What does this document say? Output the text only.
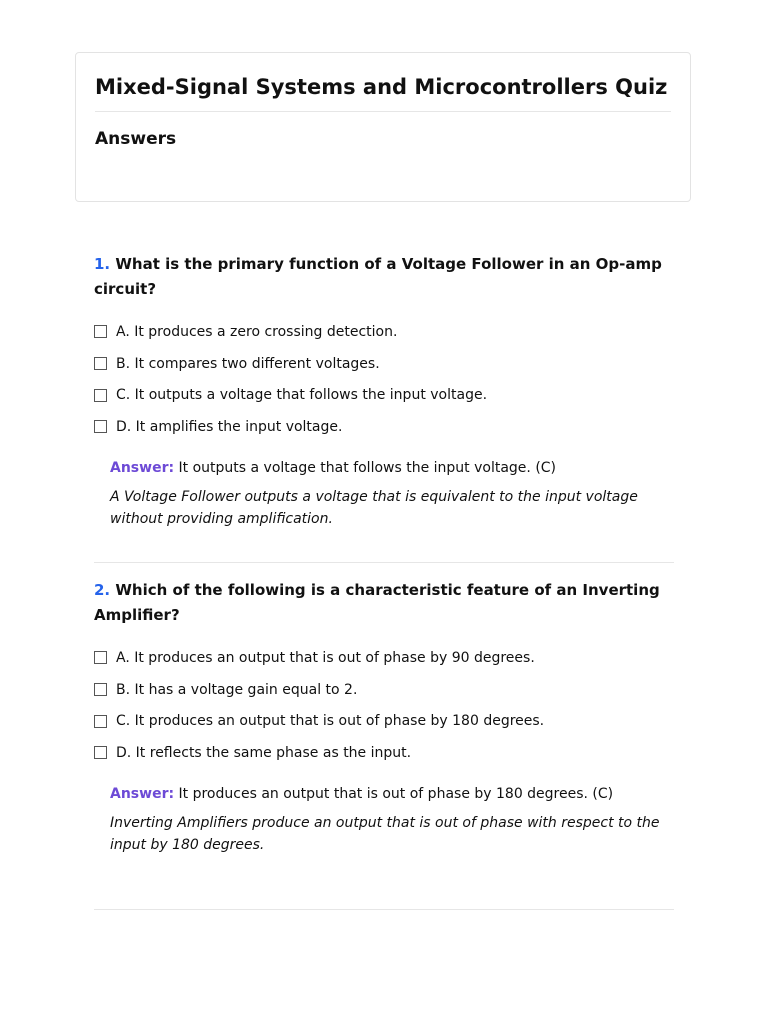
Mixed-Signal Systems and Microcontrollers Quiz
Answers

1. What is the primary function of a Voltage Follower in an Op-amp circuit?

A. It produces a zero crossing detection.
B. It compares two different voltages.
C. It outputs a voltage that follows the input voltage.
D. It amplifies the input voltage.

Answer: It outputs a voltage that follows the input voltage. (C)

A Voltage Follower outputs a voltage that is equivalent to the input voltage without providing amplification.

2. Which of the following is a characteristic feature of an Inverting Amplifier?

A. It produces an output that is out of phase by 90 degrees.
B. It has a voltage gain equal to 2.
C. It produces an output that is out of phase by 180 degrees.
D. It reflects the same phase as the input.

Answer: It produces an output that is out of phase by 180 degrees. (C)

Inverting Amplifiers produce an output that is out of phase with respect to the input by 180 degrees.
